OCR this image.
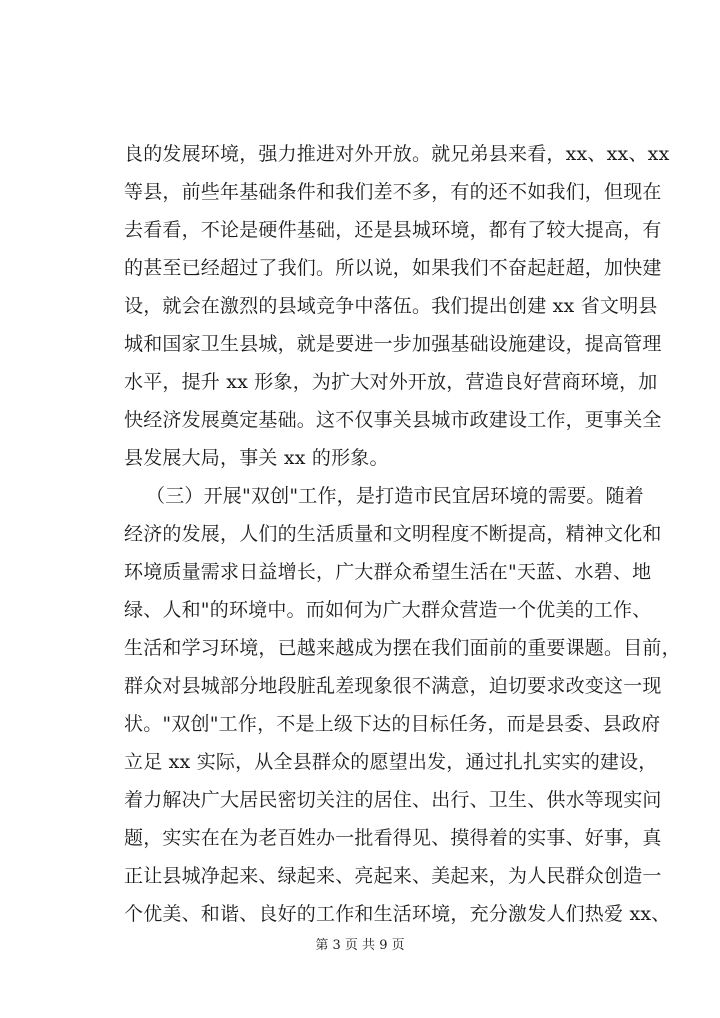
良的发展环境，强力推进对外开放。就兄弟县来看，xx、xx、xx
等县，前些年基础条件和我们差不多，有的还不如我们，但现在
去看看，不论是硬件基础，还是县城环境，都有了较大提高，有
的甚至已经超过了我们。所以说，如果我们不奋起赶超，加快建
设，就会在激烈的县域竞争中落伍。我们提出创建 xx 省文明县
城和国家卫生县城，就是要进一步加强基础设施建设，提高管理
水平，提升 xx 形象，为扩大对外开放，营造良好营商环境，加
快经济发展奠定基础。这不仅事关县城市政建设工作，更事关全
县发展大局，事关 xx 的形象。
（三）开展"双创"工作，是打造市民宜居环境的需要。随着
经济的发展，人们的生活质量和文明程度不断提高，精神文化和
环境质量需求日益增长，广大群众希望生活在"天蓝、水碧、地
绿、人和"的环境中。而如何为广大群众营造一个优美的工作、
生活和学习环境，已越来越成为摆在我们面前的重要课题。目前，
群众对县城部分地段脏乱差现象很不满意，迫切要求改变这一现
状。"双创"工作，不是上级下达的目标任务，而是县委、县政府
立足 xx 实际，从全县群众的愿望出发，通过扎扎实实的建设，
着力解决广大居民密切关注的居住、出行、卫生、供水等现实问
题，实实在在为老百姓办一批看得见、摸得着的实事、好事，真
正让县城净起来、绿起来、亮起来、美起来，为人民群众创造一
个优美、和谐、良好的工作和生活环境，充分激发人们热爱 xx、
第 3 页 共 9 页
